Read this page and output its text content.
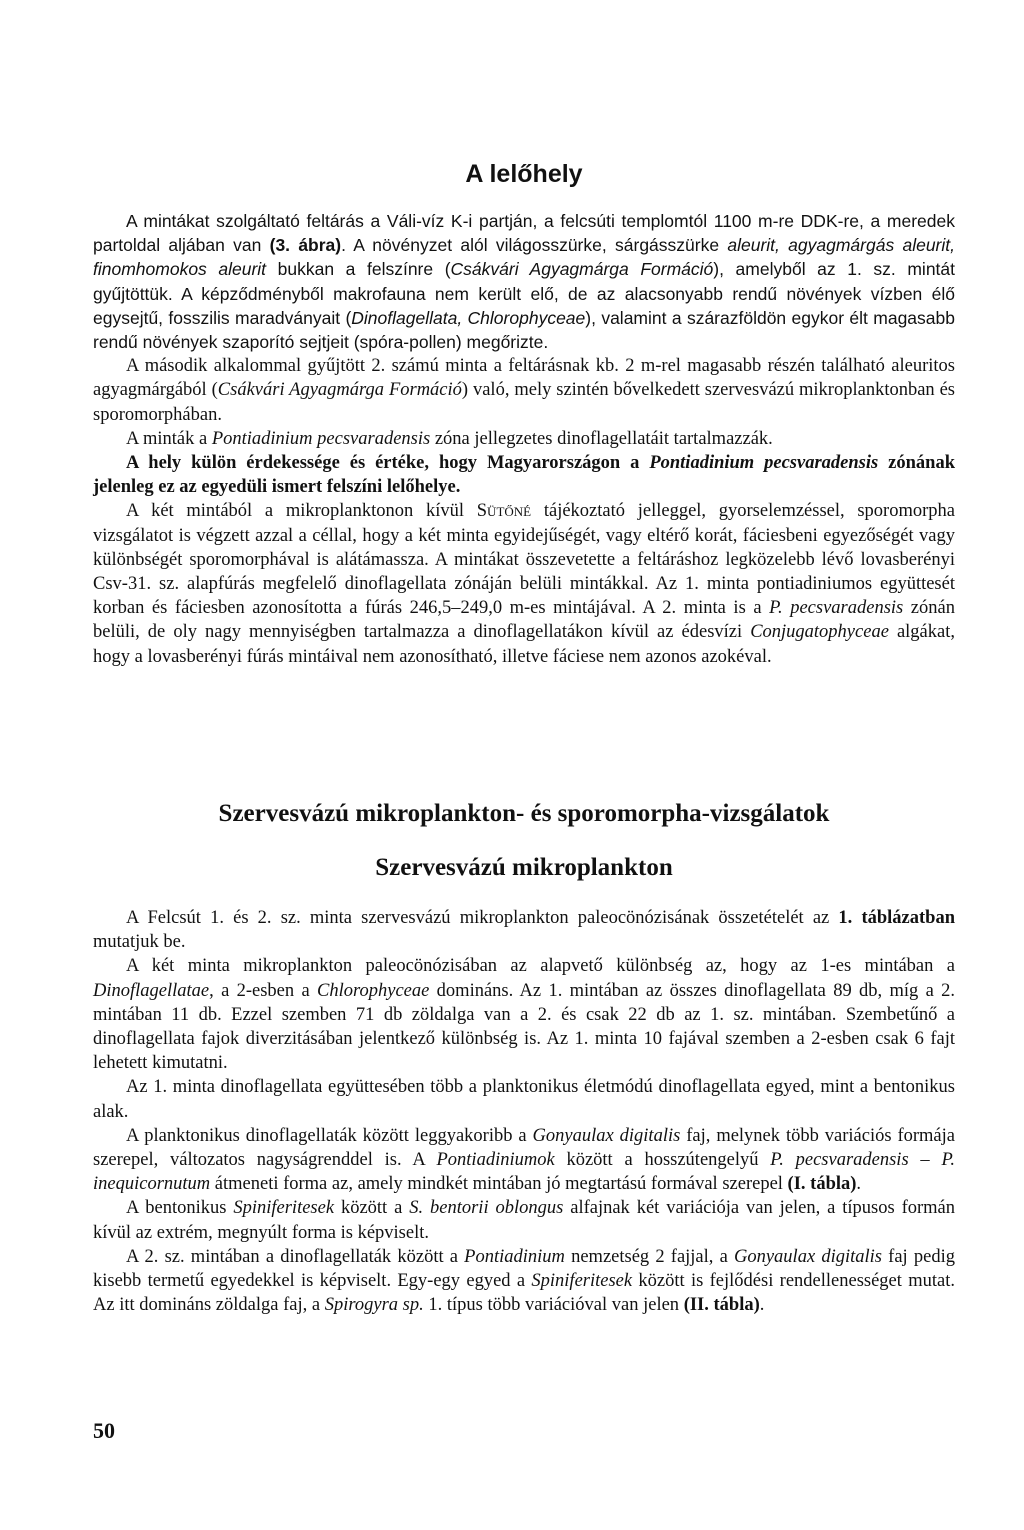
A lelőhely

A mintákat szolgáltató feltárás a Váli-víz K-i partján, a felcsúti templomtól 1100 m-re DDK-re, a meredek partoldal aljában van (3. ábra). A növényzet alól világosszürke, sárgásszürke aleurit, agyagmárgás aleurit, finomhomokos aleurit bukkan a felszínre (Csákvári Agyagmárga Formáció), amelyből az 1. sz. mintát gyűjtöttük. A képződményből makrofauna nem került elő, de az alacsonyabb rendű növények vízben élő egysejtű, fosszilis maradványait (Dinoflagellata, Chlorophyceae), valamint a szárazföldön egykor élt magasabb rendű növények szaporító sejtjeit (spóra-pollen) megőrizte.

A második alkalommal gyűjtött 2. számú minta a feltárásnak kb. 2 m-rel magasabb részén található aleuritos agyagmárgából (Csákvári Agyagmárga Formáció) való, mely szintén bővelkedett szervesvázú mikroplanktonban és sporomorphában.

A minták a Pontiadinium pecsvaradensis zóna jellegzetes dinoflagellatáit tartalmazzák.

A hely külön érdekessége és értéke, hogy Magyarországon a Pontiadinium pecsvaradensis zónának jelenleg ez az egyedüli ismert felszíni lelőhelye.

A két mintából a mikroplanktonon kívül Sütőné tájékoztató jelleggel, gyorselemzéssel, sporomorpha vizsgálatot is végzett azzal a céllal, hogy a két minta egyidejűségét, vagy eltérő korát, fáciesbeni egyezőségét vagy különbségét sporomorphával is alátámassza. A mintákat összevetette a feltáráshoz legközelebb lévő lovasberényi Csv-31. sz. alapfúrás megfelelő dinoflagellata zónáján belüli mintákkal. Az 1. minta pontiadiniumos együttesét korban és fáciesben azonosította a fúrás 246,5–249,0 m-es mintájával. A 2. minta is a P. pecsvaradensis zónán belüli, de oly nagy mennyiségben tartalmazza a dinoflagellatákon kívül az édesvízi Conjugatophyceae algákat, hogy a lovasberényi fúrás mintáival nem azonosítható, illetve fáciese nem azonos azokéval.

Szervesvázú mikroplankton- és sporomorpha-vizsgálatok
Szervesvázú mikroplankton

A Felcsút 1. és 2. sz. minta szervesvázú mikroplankton paleocönózisának összetételét az 1. táblázatban mutatjuk be.

A két minta mikroplankton paleocönózisában az alapvető különbség az, hogy az 1-es mintában a Dinoflagellatae, a 2-esben a Chlorophyceae domináns. Az 1. mintában az összes dinoflagellata 89 db, míg a 2. mintában 11 db. Ezzel szemben 71 db zöldalga van a 2. és csak 22 db az 1. sz. mintában. Szembetűnő a dinoflagellata fajok diverzitásában jelentkező különbség is. Az 1. minta 10 fajával szemben a 2-esben csak 6 fajt lehetett kimutatni.

Az 1. minta dinoflagellata együttesében több a planktonikus életmódú dinoflagellata egyed, mint a bentonikus alak.

A planktonikus dinoflagellaták között leggyakoribb a Gonyaulax digitalis faj, melynek több variációs formája szerepel, változatos nagyságrenddel is. A Pontiadiniumok között a hosszútengelyű P. pecsvaradensis – P. inequicornutum átmeneti forma az, amely mindkét mintában jó megtartású formával szerepel (I. tábla).

A bentonikus Spiniferitesek között a S. bentorii oblongus alfajnak két variációja van jelen, a típusos formán kívül az extrém, megnyúlt forma is képviselt.

A 2. sz. mintában a dinoflagellaták között a Pontiadinium nemzetség 2 fajjal, a Gonyaulax digitalis faj pedig kisebb termetű egyedekkel is képviselt. Egy-egy egyed a Spiniferitesek között is fejlődési rendellenességet mutat. Az itt domináns zöldalga faj, a Spirogyra sp. 1. típus több variációval van jelen (II. tábla).

50
